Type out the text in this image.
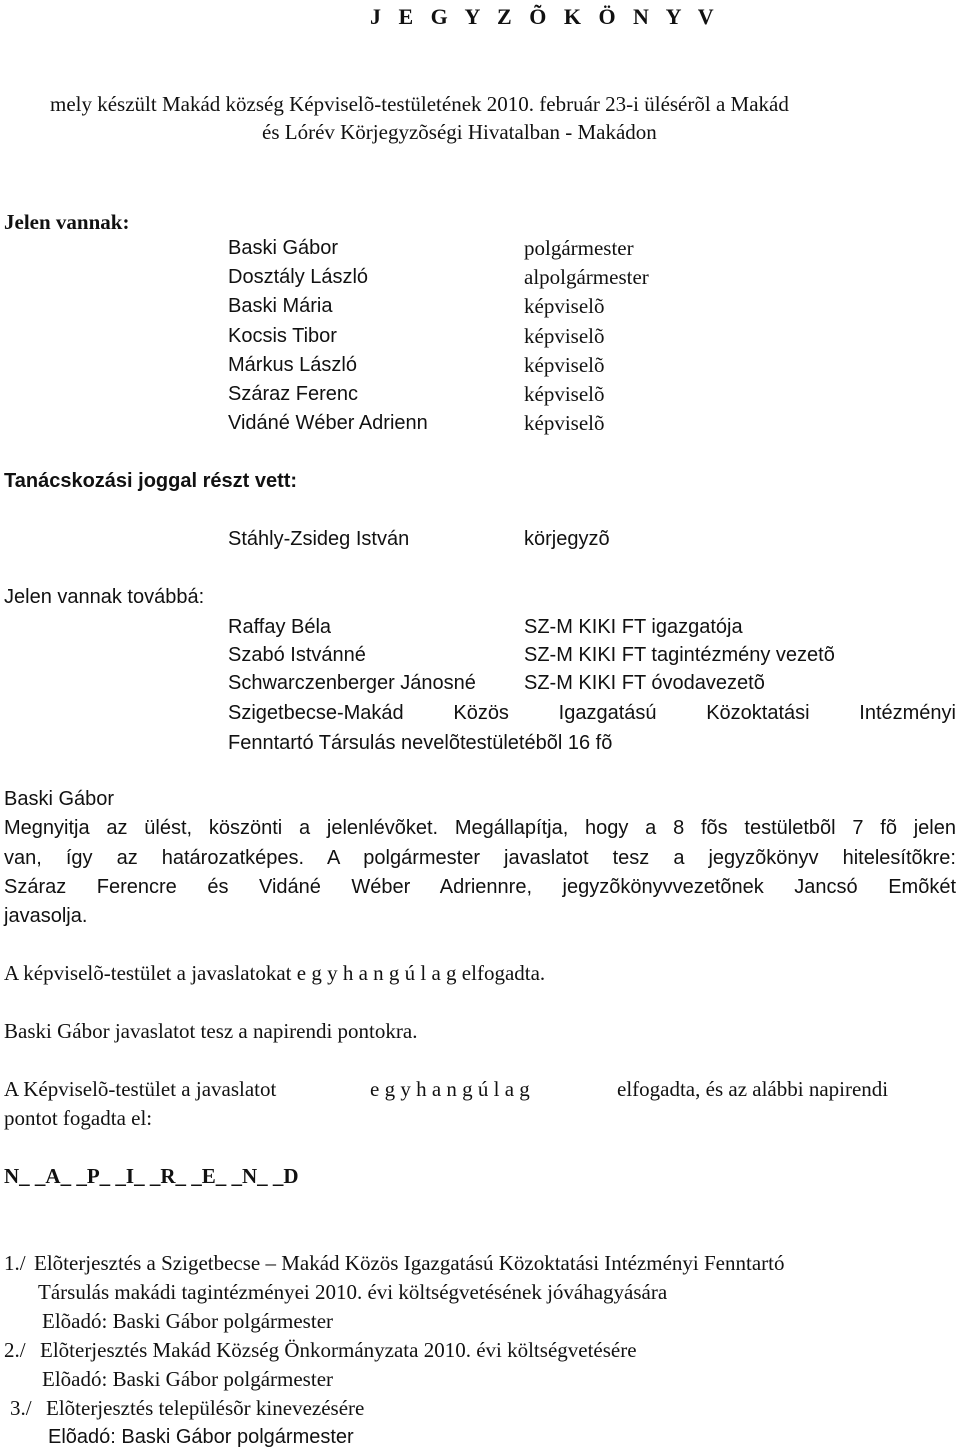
J E G Y Z Õ K Ö N Y V
mely készült Makád község Képviselõ-testületének 2010. február 23-i ülésérõl a Makád
és Lórév Körjegyzõségi Hivatalban - Makádon
Jelen vannak:
Baski Gábor	polgármester
Dosztály László	alpolgármester
Baski Mária	képviselõ
Kocsis Tibor	képviselõ
Márkus László	képviselõ
Száraz Ferenc	képviselõ
Vidáné Wéber Adrienn	képviselõ
Tanácskozási joggal részt vett:
Stáhly-Zsideg István	körjegyzõ
Jelen vannak továbbá:
Raffay Béla	SZ-M KIKI FT igazgatója
Szabó Istvánné	SZ-M KIKI FT tagintézmény vezetõ
Schwarczenberger Jánosné SZ-M KIKI FT óvodavezetõ
Szigetbecse-Makád Közös Igazgatású Közoktatási Intézményi
Fenntartó Társulás nevelõtestületébõl 16 fõ
Baski Gábor
Megnyitja az ülést, köszönti a jelenlévõket. Megállapítja, hogy a 8 fõs testületbõl 7 fõ jelen
van, így az határozatképes. A polgármester javaslatot tesz a jegyzõkönyv hitelesítõkre:
Száraz Ferencre és Vidáné Wéber Adriennre, jegyzõkönyvvezetõnek Jancsó Emõkét
javasolja.
A képviselõ-testület a javaslatokat e g y h a n g ú l a g elfogadta.
Baski Gábor javaslatot tesz a napirendi pontokra.
A Képviselõ-testület a javaslatot	e g y h a n g ú l a g	elfogadta, és az alábbi napirendi
pontot fogadta el:
N_ _A_ _P_ _I_ _R_ _E_ _N_ _D
1./ Elõterjesztés a Szigetbecse – Makád Közös Igazgatású Közoktatási Intézményi Fenntartó
Társulás makádi tagintézményei 2010. évi költségvetésének jóváhagyására
Elõadó: Baski Gábor polgármester
2./ Elõterjesztés Makád Község Önkormányzata 2010. évi költségvetésére
Elõadó: Baski Gábor polgármester
3./ Elõterjesztés településõr kinevezésére
Elõadó: Baski Gábor polgármester
